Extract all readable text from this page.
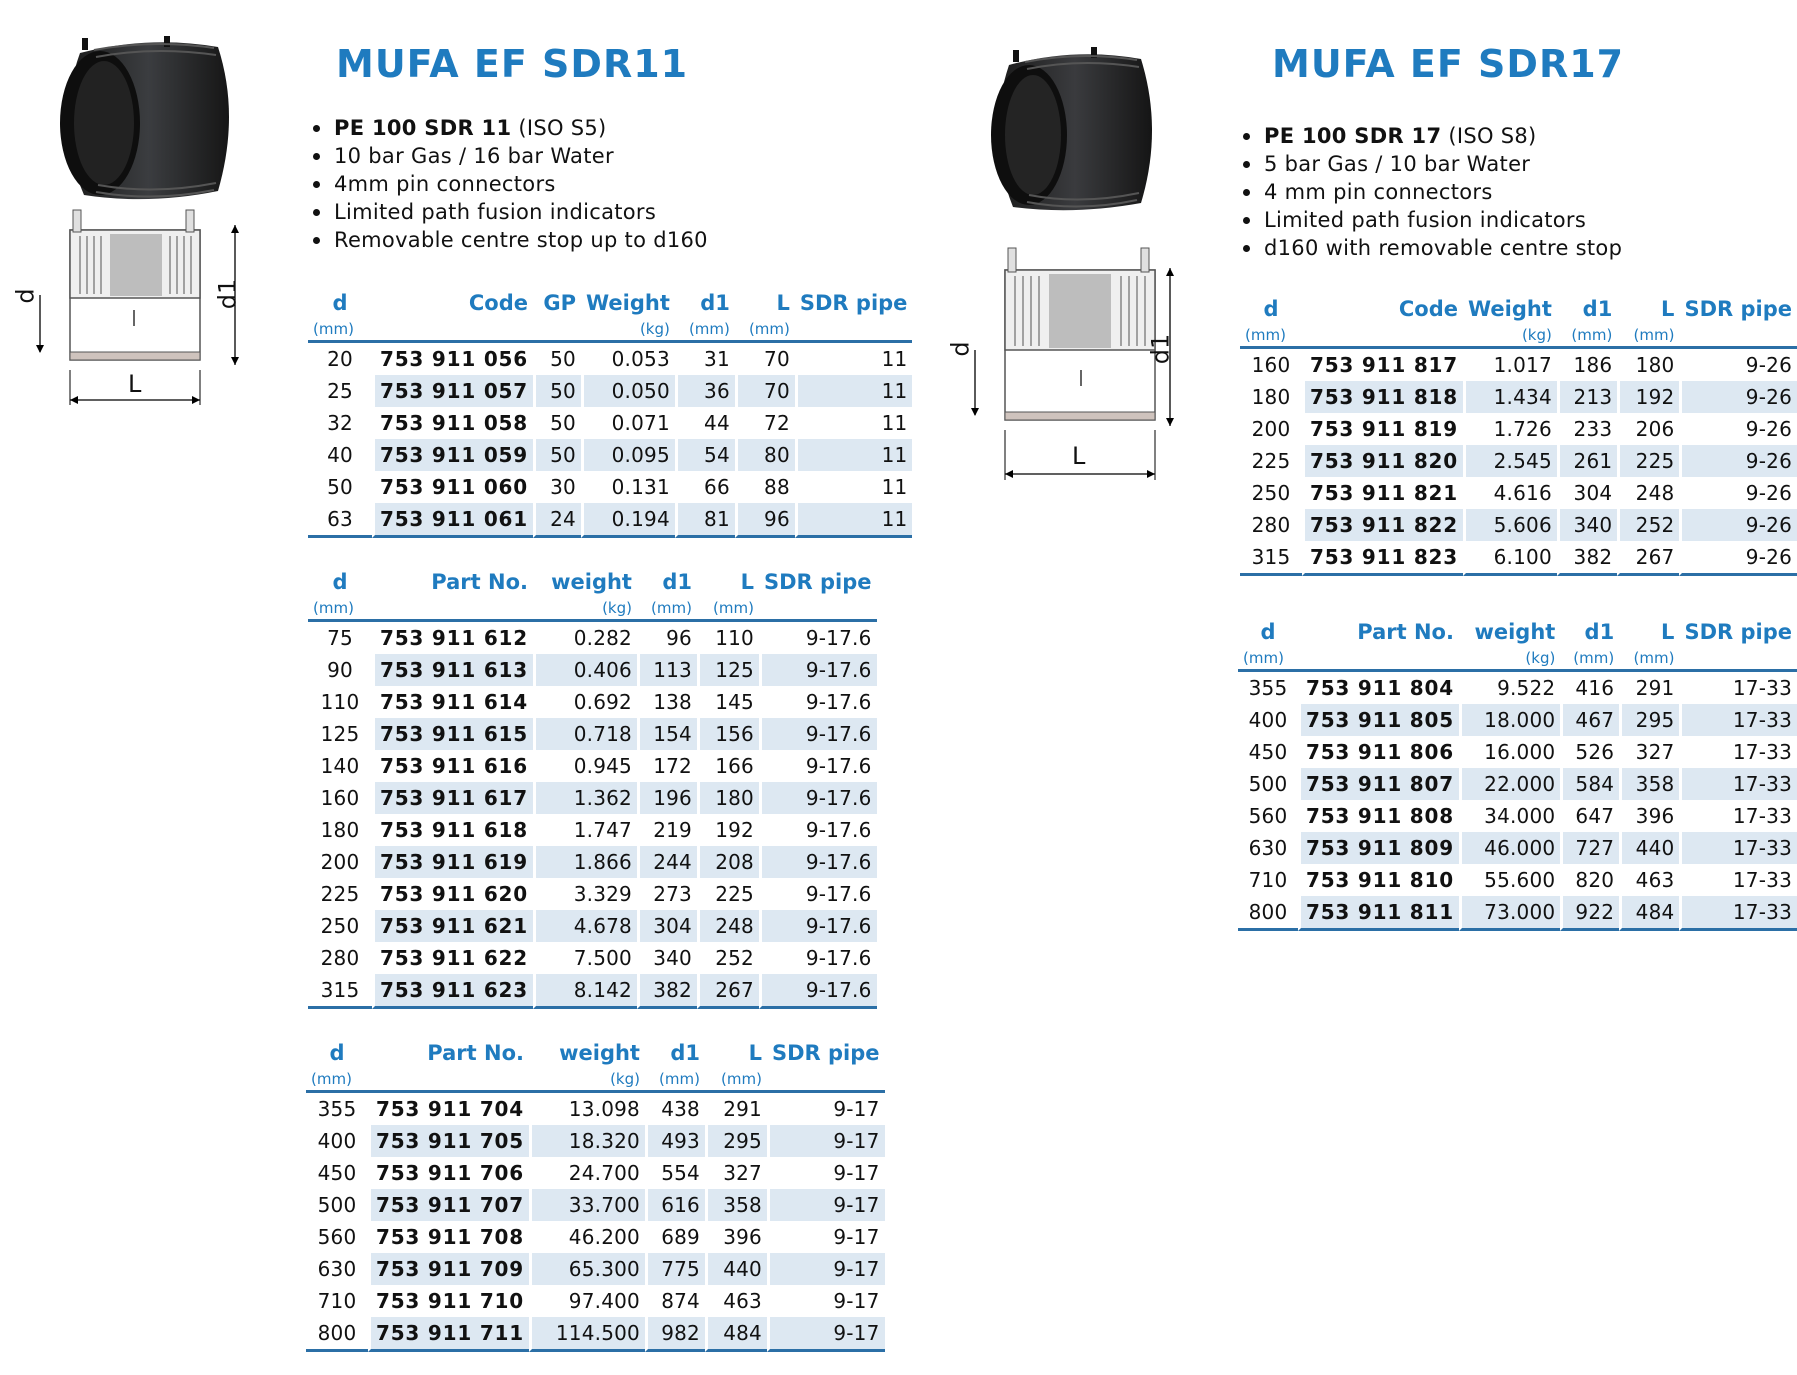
d	d1
L
MUFA EF SDR11
PE 100 SDR 11 (ISO S5)
10 bar Gas / 16 bar Water
4mm pin connectors
Limited path fusion indicators
Removable centre stop up to d160
d	Code	GP	Weight	d1	L	SDR pipe
(mm)			(kg)	(mm)	(mm)	
20	753 911 056	50	0.053	31	70	11
25	753 911 057	50	0.050	36	70	11
32	753 911 058	50	0.071	44	72	11
40	753 911 059	50	0.095	54	80	11
50	753 911 060	30	0.131	66	88	11
63	753 911 061	24	0.194	81	96	11
d	Part No.	weight	d1	L	SDR pipe
(mm)		(kg)	(mm)	(mm)	
75	753 911 612	0.282	96	110	9-17.6
90	753 911 613	0.406	113	125	9-17.6
110	753 911 614	0.692	138	145	9-17.6
125	753 911 615	0.718	154	156	9-17.6
140	753 911 616	0.945	172	166	9-17.6
160	753 911 617	1.362	196	180	9-17.6
180	753 911 618	1.747	219	192	9-17.6
200	753 911 619	1.866	244	208	9-17.6
225	753 911 620	3.329	273	225	9-17.6
250	753 911 621	4.678	304	248	9-17.6
280	753 911 622	7.500	340	252	9-17.6
315	753 911 623	8.142	382	267	9-17.6
d	Part No.	weight	d1	L	SDR pipe
(mm)		(kg)	(mm)	(mm)	
355	753 911 704	13.098	438	291	9-17
400	753 911 705	18.320	493	295	9-17
450	753 911 706	24.700	554	327	9-17
500	753 911 707	33.700	616	358	9-17
560	753 911 708	46.200	689	396	9-17
630	753 911 709	65.300	775	440	9-17
710	753 911 710	97.400	874	463	9-17
800	753 911 711	114.500	982	484	9-17
d	d1
L
MUFA EF SDR17
PE 100 SDR 17 (ISO S8)
5 bar Gas / 10 bar Water
4 mm pin connectors
Limited path fusion indicators
d160 with removable centre stop
d	Code	Weight	d1	L	SDR pipe
(mm)		(kg)	(mm)	(mm)	
160	753 911 817	1.017	186	180	9-26
180	753 911 818	1.434	213	192	9-26
200	753 911 819	1.726	233	206	9-26
225	753 911 820	2.545	261	225	9-26
250	753 911 821	4.616	304	248	9-26
280	753 911 822	5.606	340	252	9-26
315	753 911 823	6.100	382	267	9-26
d	Part No.	weight	d1	L	SDR pipe
(mm)		(kg)	(mm)	(mm)	
355	753 911 804	9.522	416	291	17-33
400	753 911 805	18.000	467	295	17-33
450	753 911 806	16.000	526	327	17-33
500	753 911 807	22.000	584	358	17-33
560	753 911 808	34.000	647	396	17-33
630	753 911 809	46.000	727	440	17-33
710	753 911 810	55.600	820	463	17-33
800	753 911 811	73.000	922	484	17-33
